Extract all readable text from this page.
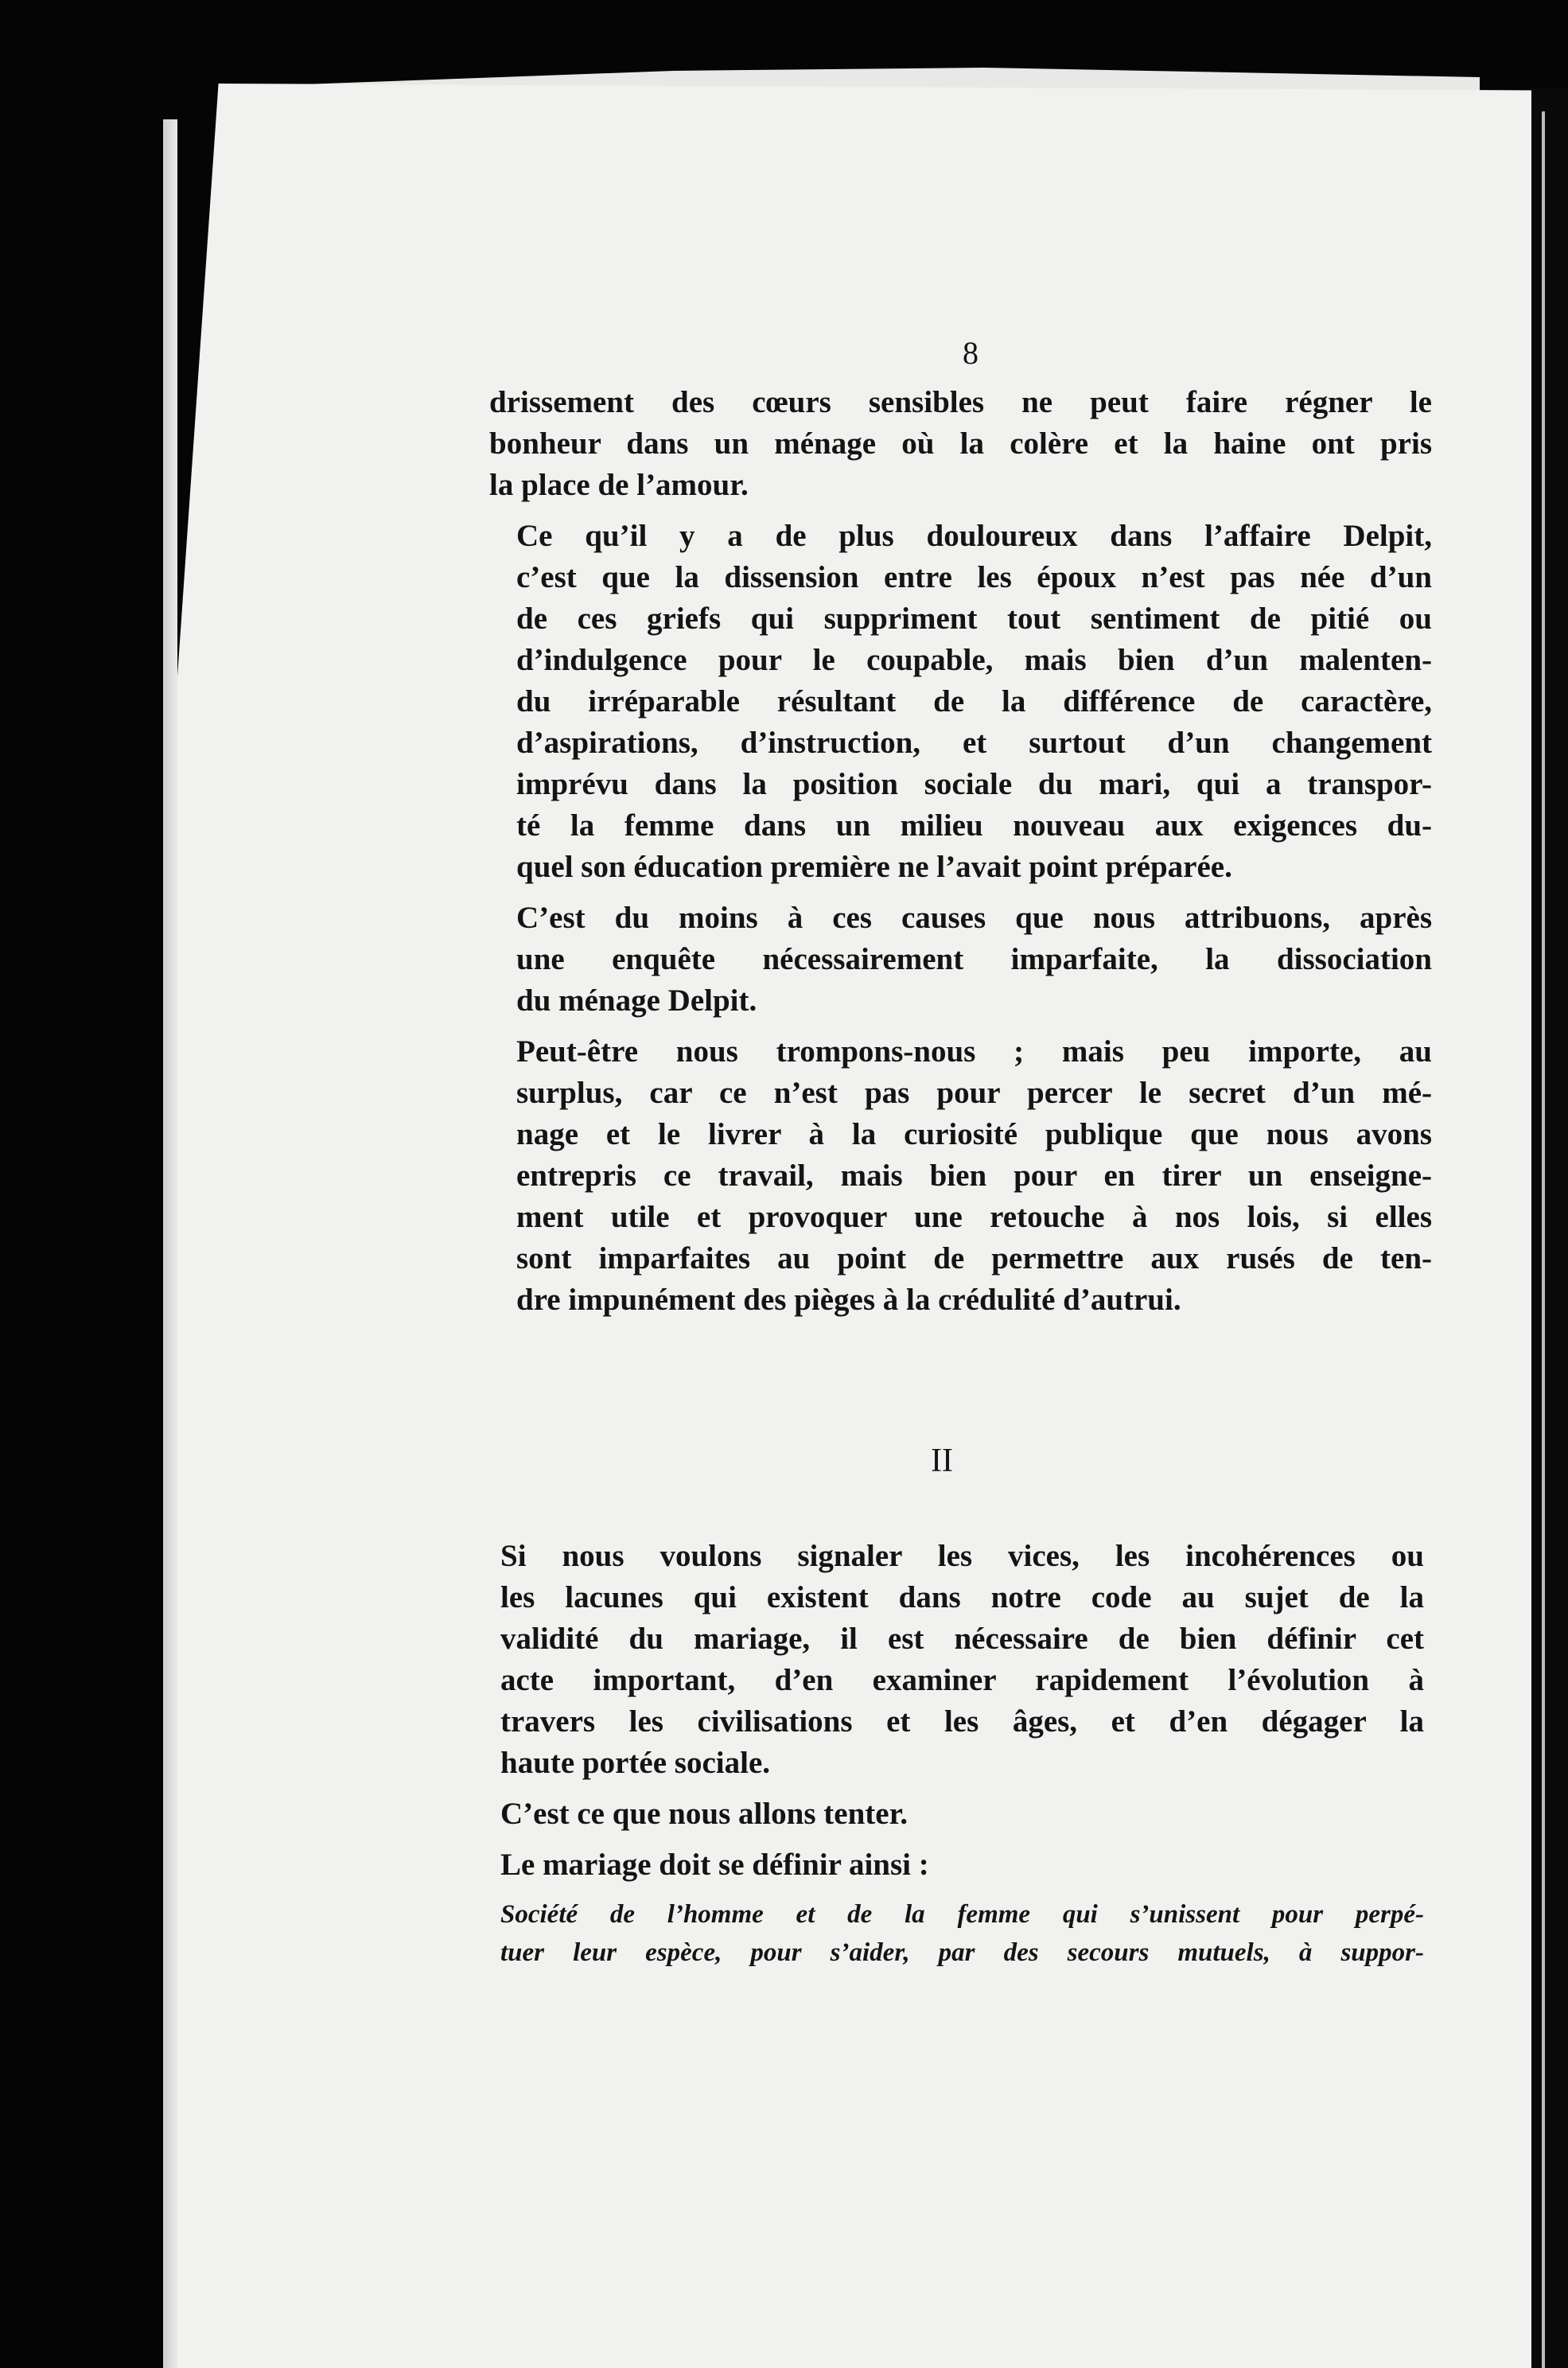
8
drissement des cœurs sensibles ne peut faire régner le
bonheur dans un ménage où la colère et la haine ont pris
la place de l’amour.
Ce qu’il y a de plus douloureux dans l’affaire Delpit,
c’est que la dissension entre les époux n’est pas née d’un
de ces griefs qui suppriment tout sentiment de pitié ou
d’indulgence pour le coupable, mais bien d’un malenten-
du irréparable résultant de la différence de caractère,
d’aspirations, d’instruction, et surtout d’un changement
imprévu dans la position sociale du mari, qui a transpor-
té la femme dans un milieu nouveau aux exigences du-
quel son éducation première ne l’avait point préparée.
C’est du moins à ces causes que nous attribuons, après
une enquête nécessairement imparfaite, la dissociation
du ménage Delpit.
Peut-être nous trompons-nous ; mais peu importe, au
surplus, car ce n’est pas pour percer le secret d’un mé-
nage et le livrer à la curiosité publique que nous avons
entrepris ce travail, mais bien pour en tirer un enseigne-
ment utile et provoquer une retouche à nos lois, si elles
sont imparfaites au point de permettre aux rusés de ten-
dre impunément des pièges à la crédulité d’autrui.
II
Si nous voulons signaler les vices, les incohérences ou
les lacunes qui existent dans notre code au sujet de la
validité du mariage, il est nécessaire de bien définir cet
acte important, d’en examiner rapidement l’évolution à
travers les civilisations et les âges, et d’en dégager la
haute portée sociale.
C’est ce que nous allons tenter.
Le mariage doit se définir ainsi :
Société de l’homme et de la femme qui s’unissent pour perpé-
tuer leur espèce, pour s’aider, par des secours mutuels, à suppor-
